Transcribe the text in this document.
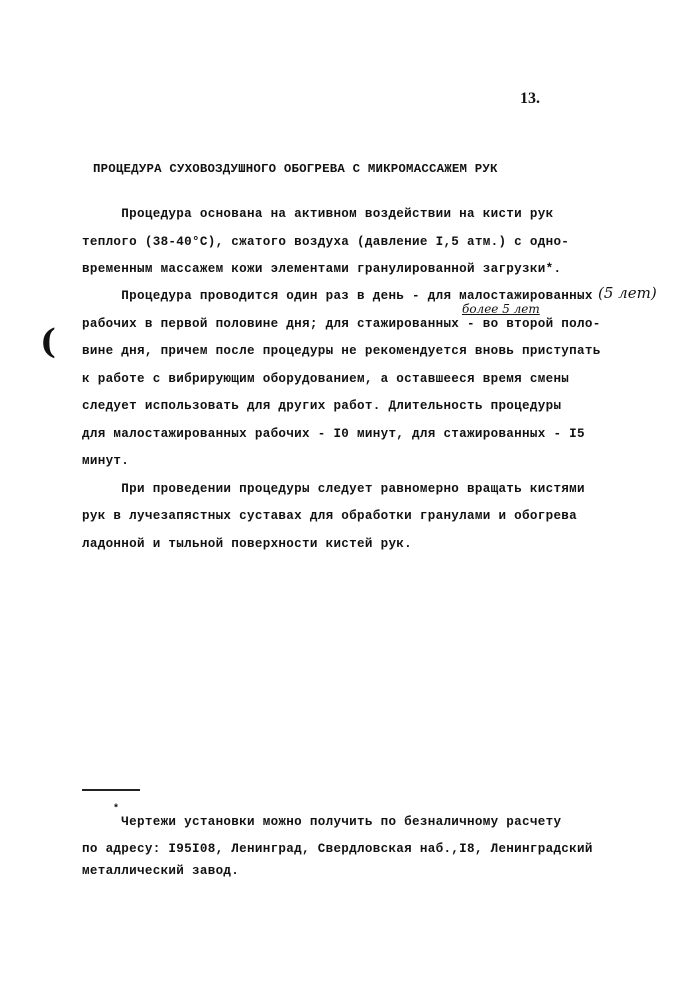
13.
ПРОЦЕДУРА СУХОВОЗДУШНОГО ОБОГРЕВА С МИКРОМАССАЖЕМ РУК
Процедура основана на активном воздействии на кисти рук
теплого (38-40°С), сжатого воздуха (давление I,5 атм.) с одно-
временным массажем кожи элементами гранулированной загрузки*.
Процедура проводится один раз в день - для малостажированных
рабочих в первой половине дня; для стажированных - во второй поло-
вине дня, причем после процедуры не рекомендуется вновь приступать
к работе с вибрирующим оборудованием, а оставшееся время смены
следует использовать для других работ. Длительность процедуры
для малостажированных рабочих - I0 минут, для стажированных - I5
минут.
При проведении процедуры следует равномерно вращать кистями
рук в лучезапястных суставах для обработки гранулами и обогрева
ладонной и тыльной поверхности кистей рук.
(5 лет)
более 5 лет
(
*
Чертежи установки можно получить по безналичному расчету
по адресу: I95I08, Ленинград, Свердловская наб.,I8, Ленинградский
металлический завод.
